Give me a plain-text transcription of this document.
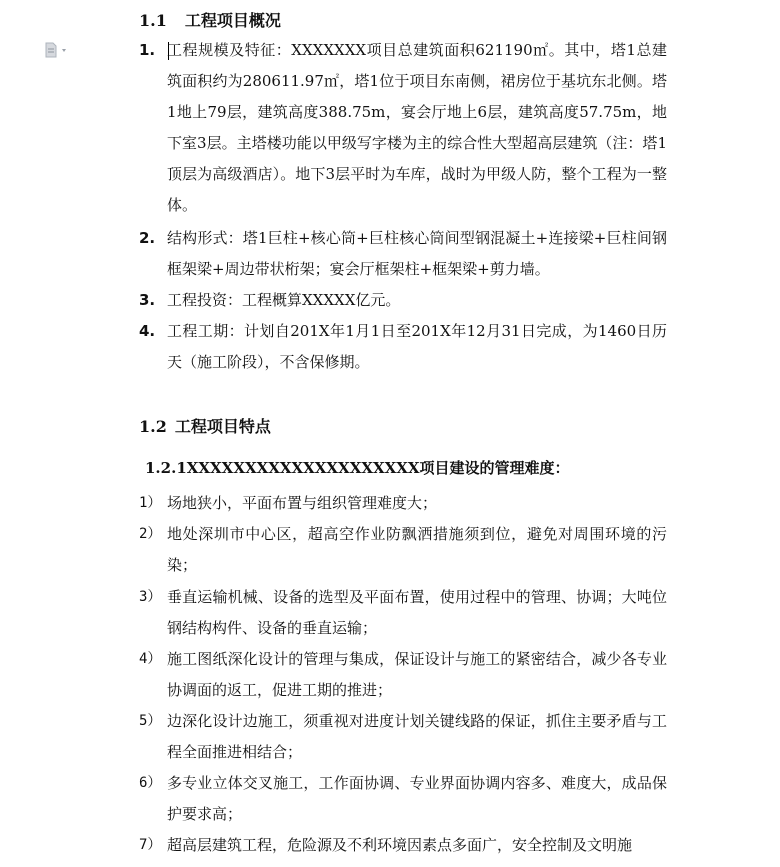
1.1 工程项目概况
1. 工程规模及特征：XXXXXXX项目总建筑面积621190㎡。其中，塔1总建筑面积约为280611.97㎡，塔1位于项目东南侧，裙房位于基坑东北侧。塔1地上79层，建筑高度388.75m，宴会厅地上6层，建筑高度57.75m，地下室3层。主塔楼功能以甲级写字楼为主的综合性大型超高层建筑（注：塔1顶层为高级酒店）。地下3层平时为车库，战时为甲级人防，整个工程为一整体。
2. 结构形式：塔1巨柱+核心筒+巨柱核心筒间型钢混凝土+连接梁+巨柱间钢框架梁+周边带状桁架；宴会厅框架柱+框架梁+剪力墙。
3. 工程投资：工程概算XXXXX亿元。
4. 工程工期：计划自201X年1月1日至201X年12月31日完成，为1460日历天（施工阶段），不含保修期。
1.2 工程项目特点
1.2.1XXXXXXXXXXXXXXXXXXXX项目建设的管理难度：
1） 场地狭小，平面布置与组织管理难度大；
2） 地处深圳市中心区，超高空作业防飘洒措施须到位，避免对周围环境的污染；
3） 垂直运输机械、设备的选型及平面布置，使用过程中的管理、协调；大吨位钢结构构件、设备的垂直运输；
4） 施工图纸深化设计的管理与集成，保证设计与施工的紧密结合，减少各专业协调面的返工，促进工期的推进；
5） 边深化设计边施工，须重视对进度计划关键线路的保证，抓住主要矛盾与工程全面推进相结合；
6） 多专业立体交叉施工，工作面协调、专业界面协调内容多、难度大，成品保护要求高；
7） 超高层建筑工程，危险源及不利环境因素点多面广，安全控制及文明施
